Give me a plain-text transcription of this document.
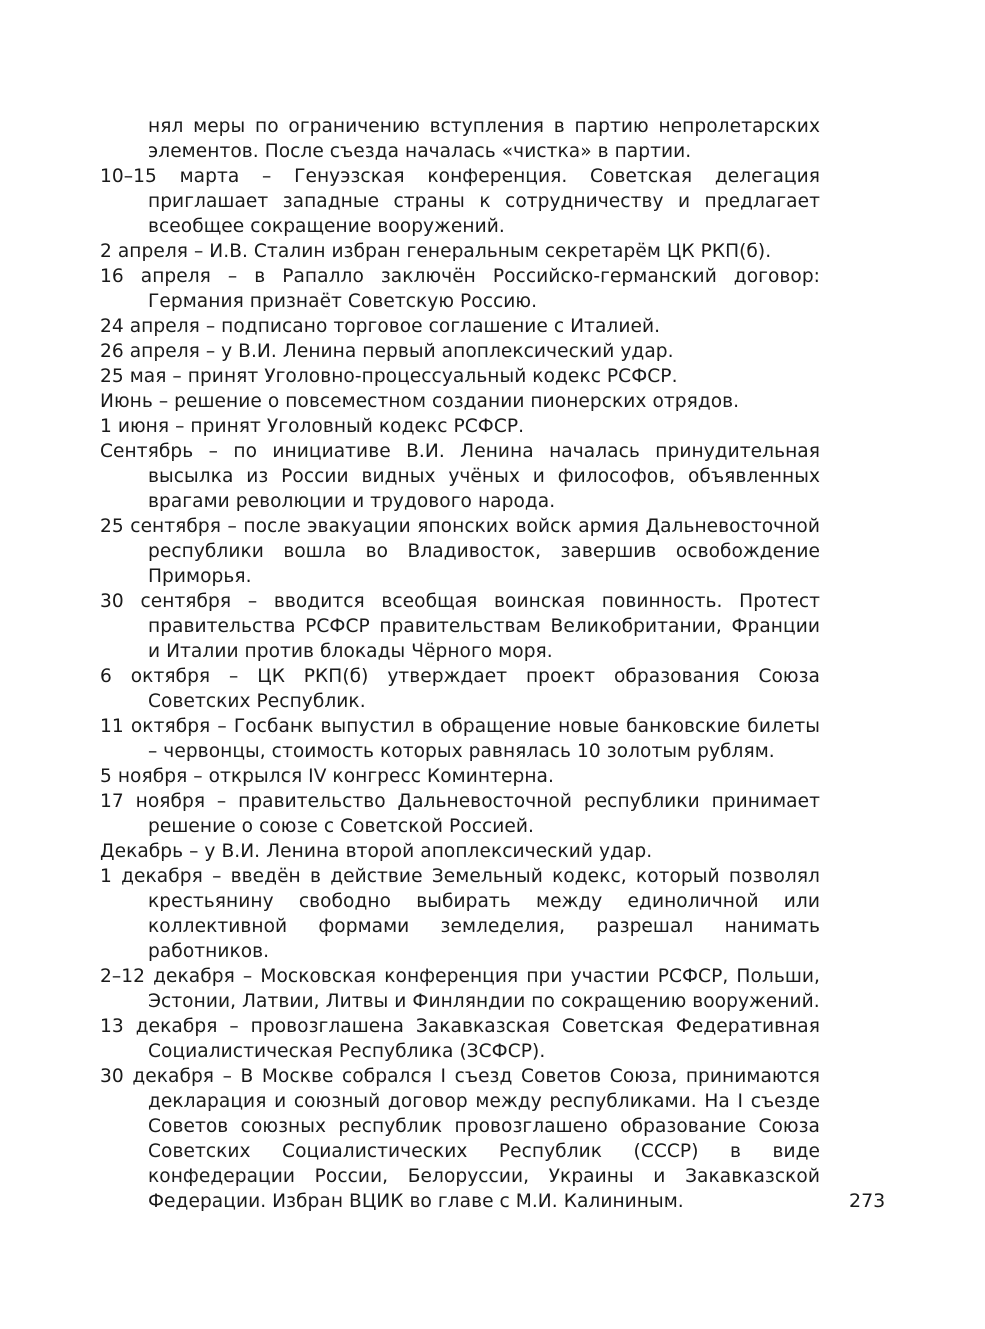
нял меры по ограничению вступления в партию непролетарских элементов. После съезда началась «чистка» в партии.

10–15 марта – Генуэзская конференция. Советская делегация приглашает западные страны к сотрудничеству и предлагает всеобщее сокращение вооружений.

2 апреля – И.В. Сталин избран генеральным секретарём ЦК РКП(б).

16 апреля – в Рапалло заключён Российско-германский договор: Германия признаёт Советскую Россию.

24 апреля – подписано торговое соглашение с Италией.

26 апреля – у В.И. Ленина первый апоплексический удар.

25 мая – принят Уголовно-процессуальный кодекс РСФСР.

Июнь – решение о повсеместном создании пионерских отрядов.

1 июня – принят Уголовный кодекс РСФСР.

Сентябрь – по инициативе В.И. Ленина началась принудительная высылка из России видных учёных и философов, объявленных врагами революции и трудового народа.

25 сентября – после эвакуации японских войск армия Дальневосточной республики вошла во Владивосток, завершив освобождение Приморья.

30 сентября – вводится всеобщая воинская повинность. Протест правительства РСФСР правительствам Великобритании, Франции и Италии против блокады Чёрного моря.

6 октября – ЦК РКП(б) утверждает проект образования Союза Советских Республик.

11 октября – Госбанк выпустил в обращение новые банковские билеты – червонцы, стоимость которых равнялась 10 золотым рублям.

5 ноября – открылся IV конгресс Коминтерна.

17 ноября – правительство Дальневосточной республики принимает решение о союзе с Советской Россией.

Декабрь – у В.И. Ленина второй апоплексический удар.

1 декабря – введён в действие Земельный кодекс, который позволял крестьянину свободно выбирать между единоличной или коллективной формами земледелия, разрешал нанимать работников.

2–12 декабря – Московская конференция при участии РСФСР, Польши, Эстонии, Латвии, Литвы и Финляндии по сокращению вооружений.

13 декабря – провозглашена Закавказская Советская Федеративная Социалистическая Республика (ЗСФСР).

30 декабря – В Москве собрался I съезд Советов Союза, принимаются декларация и союзный договор между республиками. На I съезде Советов союзных республик провозглашено образование Союза Советских Социалистических Республик (СССР) в виде конфедерации России, Белоруссии, Украины и Закавказской Федерации. Избран ВЦИК во главе с М.И. Калининым.	273
